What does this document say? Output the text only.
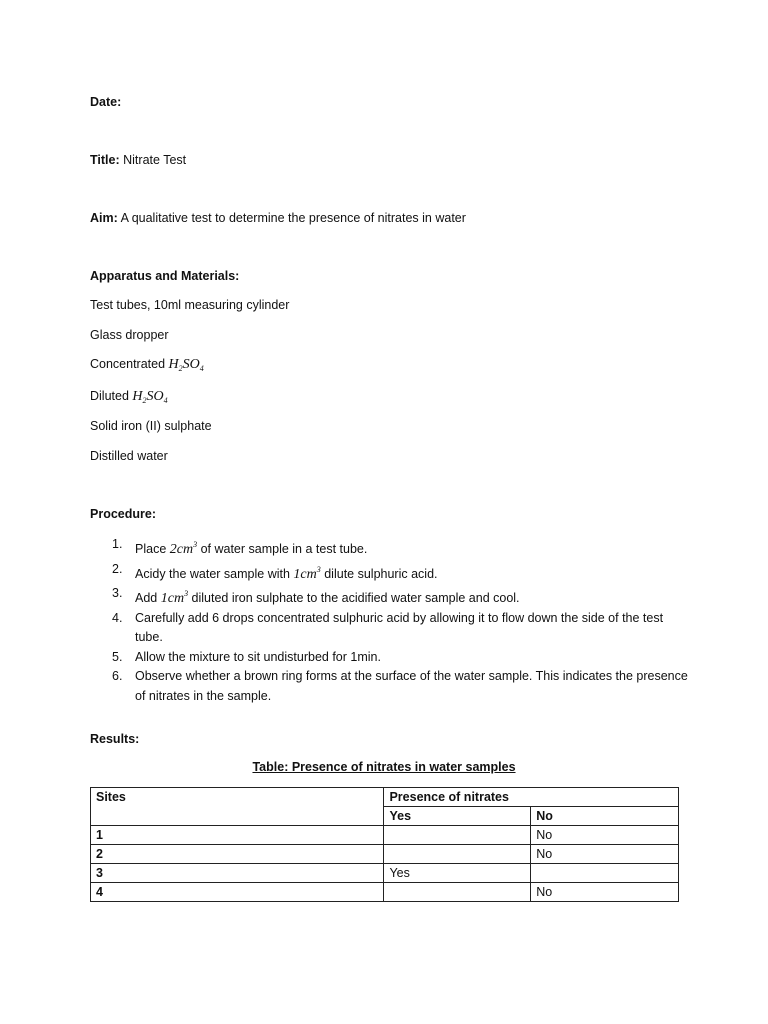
Date:
Title: Nitrate Test
Aim: A qualitative test to determine the presence of nitrates in water
Apparatus and Materials:
Test tubes, 10ml measuring cylinder
Glass dropper
Concentrated $H_2SO_4$
Diluted $H_2SO_4$
Solid iron (II) sulphate
Distilled water
Procedure:
1. Place $2cm^3$ of water sample in a test tube.
2. Acidy the water sample with $1cm^3$ dilute sulphuric acid.
3. Add $1cm^3$ diluted iron sulphate to the acidified water sample and cool.
4. Carefully add 6 drops concentrated sulphuric acid by allowing it to flow down the side of the test tube.
5. Allow the mixture to sit undisturbed for 1min.
6. Observe whether a brown ring forms at the surface of the water sample. This indicates the presence of nitrates in the sample.
Results:
Table: Presence of nitrates in water samples
Sites	Presence of nitrates	
	Yes	No
1		No
2		No
3	Yes	
4		No
